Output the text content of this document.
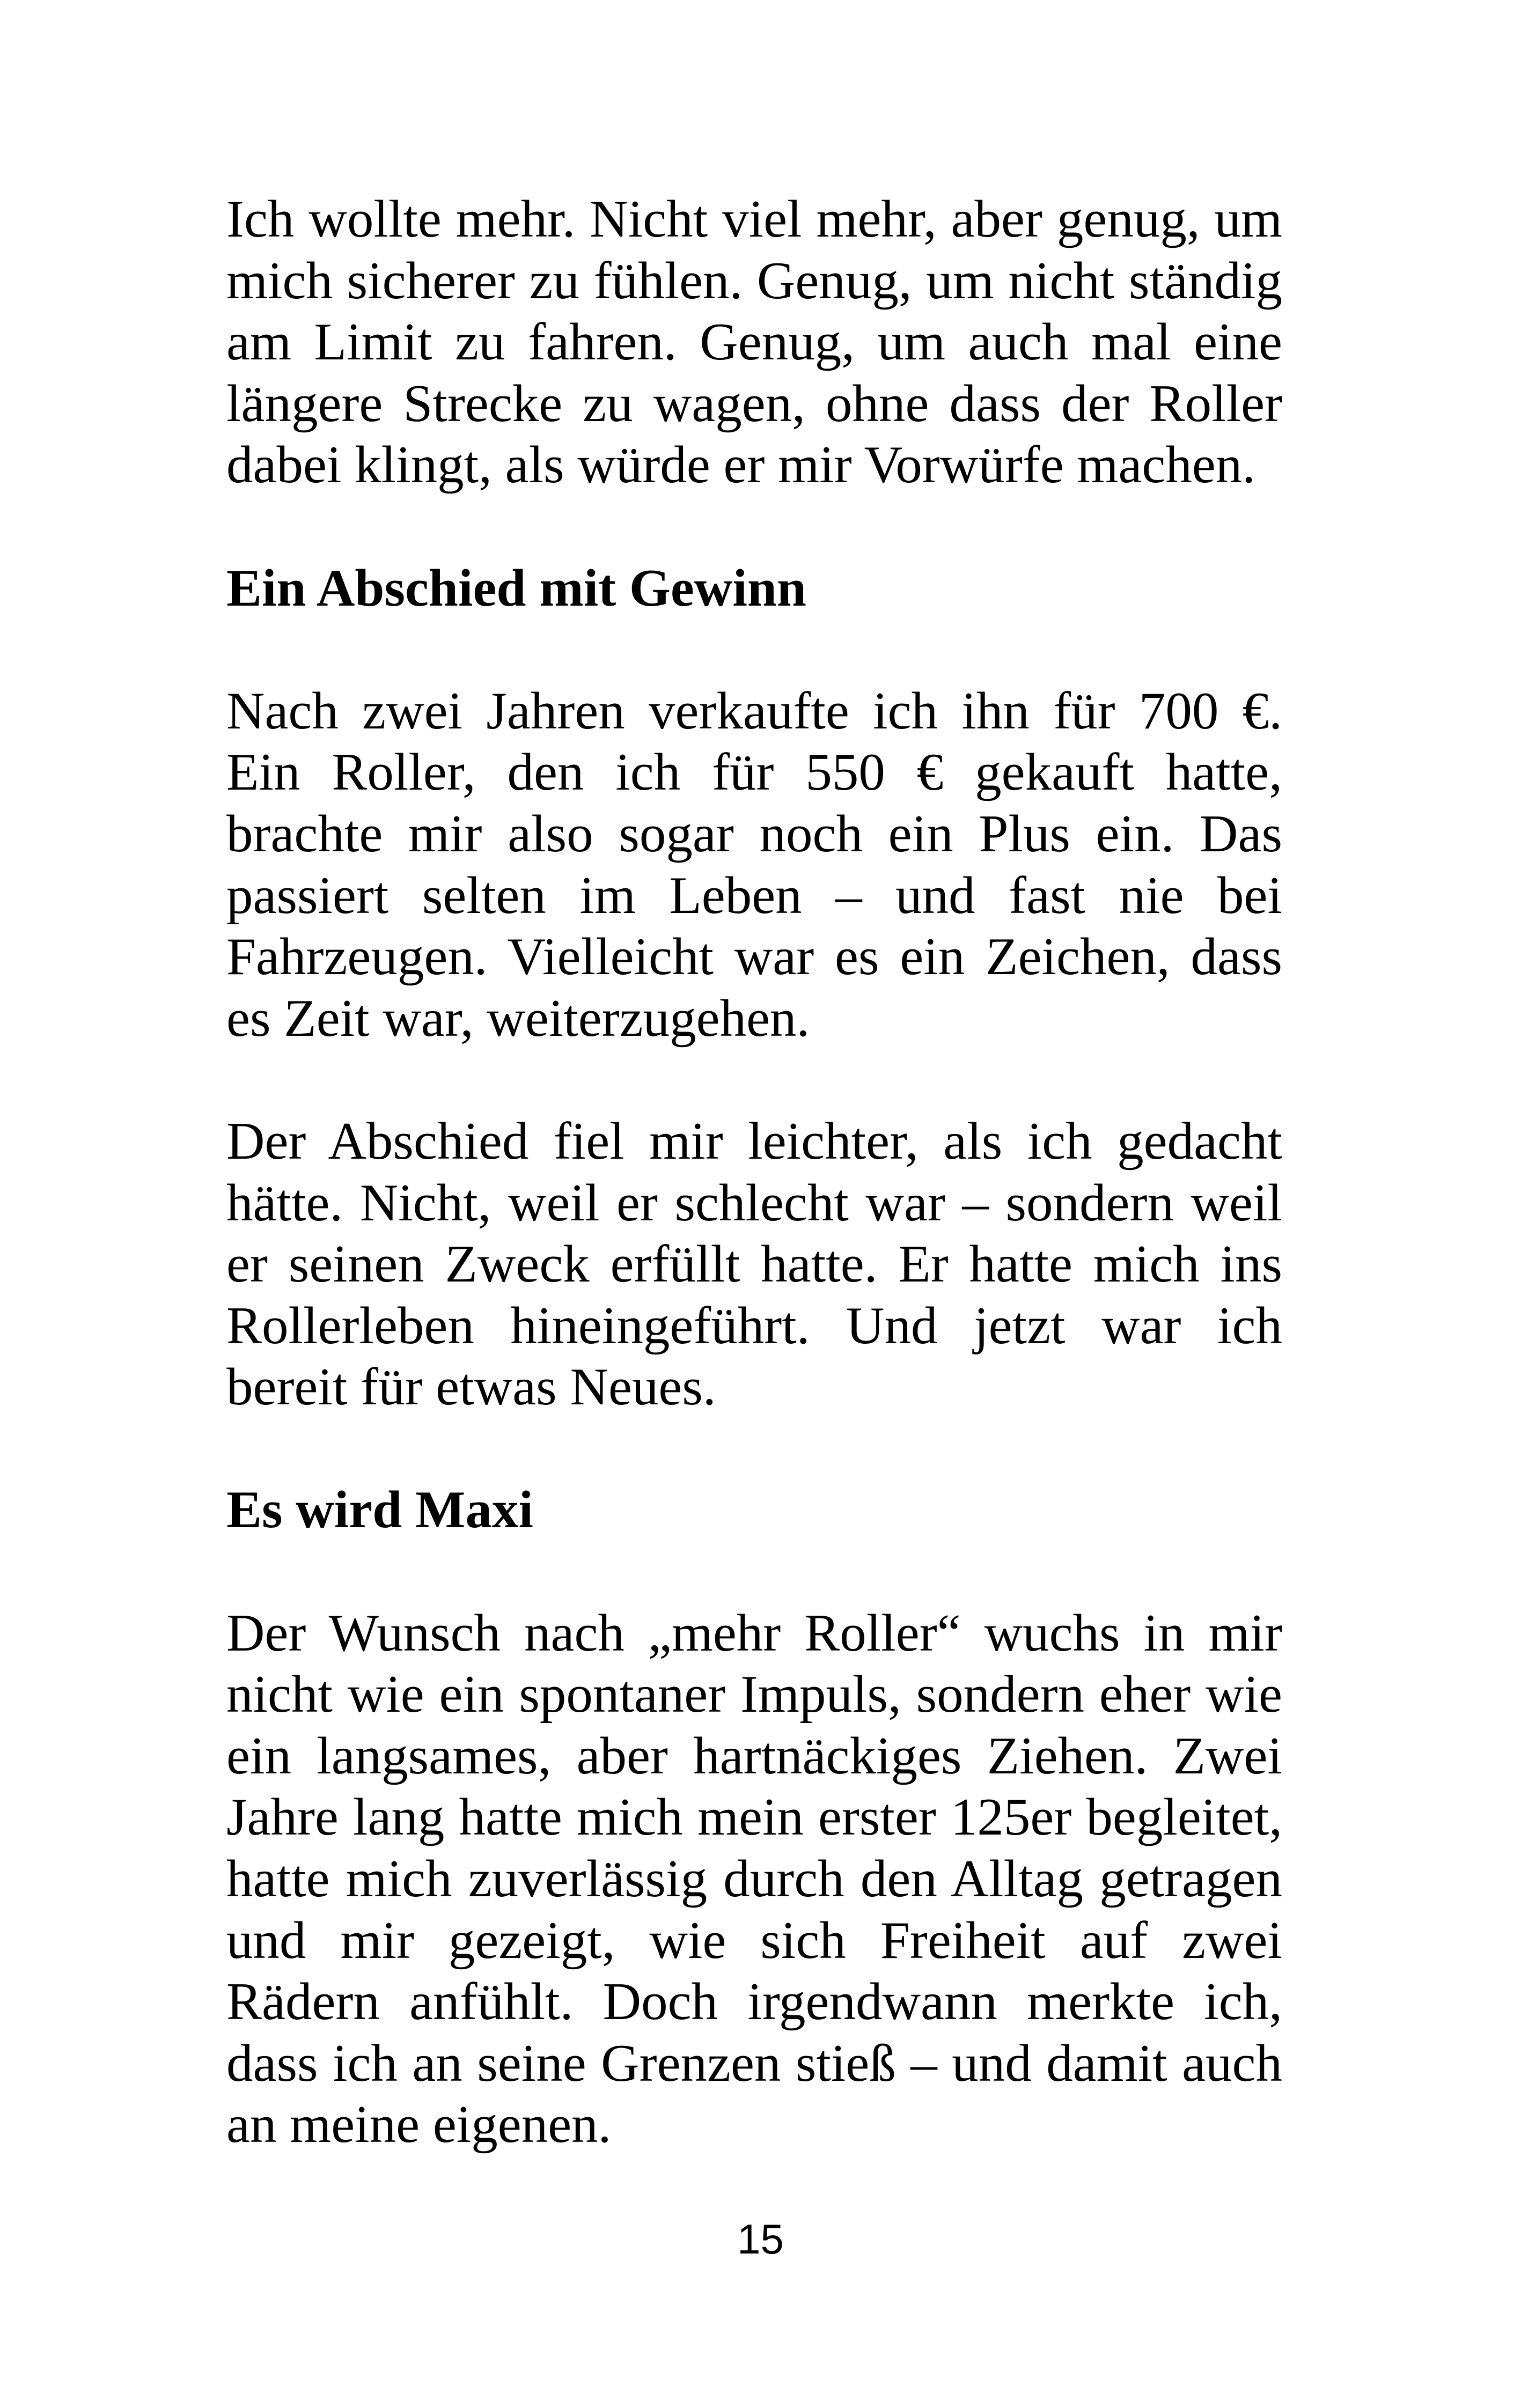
Ich wollte mehr. Nicht viel mehr, aber genug, um
mich sicherer zu fühlen. Genug, um nicht ständig
am Limit zu fahren. Genug, um auch mal eine
längere Strecke zu wagen, ohne dass der Roller
dabei klingt, als würde er mir Vorwürfe machen.

Ein Abschied mit Gewinn

Nach zwei Jahren verkaufte ich ihn für 700 €.
Ein Roller, den ich für 550 € gekauft hatte,
brachte mir also sogar noch ein Plus ein. Das
passiert selten im Leben – und fast nie bei
Fahrzeugen. Vielleicht war es ein Zeichen, dass
es Zeit war, weiterzugehen.

Der Abschied fiel mir leichter, als ich gedacht
hätte. Nicht, weil er schlecht war – sondern weil
er seinen Zweck erfüllt hatte. Er hatte mich ins
Rollerleben hineingeführt. Und jetzt war ich
bereit für etwas Neues.

Es wird Maxi

Der Wunsch nach „mehr Roller“ wuchs in mir
nicht wie ein spontaner Impuls, sondern eher wie
ein langsames, aber hartnäckiges Ziehen. Zwei
Jahre lang hatte mich mein erster 125er begleitet,
hatte mich zuverlässig durch den Alltag getragen
und mir gezeigt, wie sich Freiheit auf zwei
Rädern anfühlt. Doch irgendwann merkte ich,
dass ich an seine Grenzen stieß – und damit auch
an meine eigenen.

15
